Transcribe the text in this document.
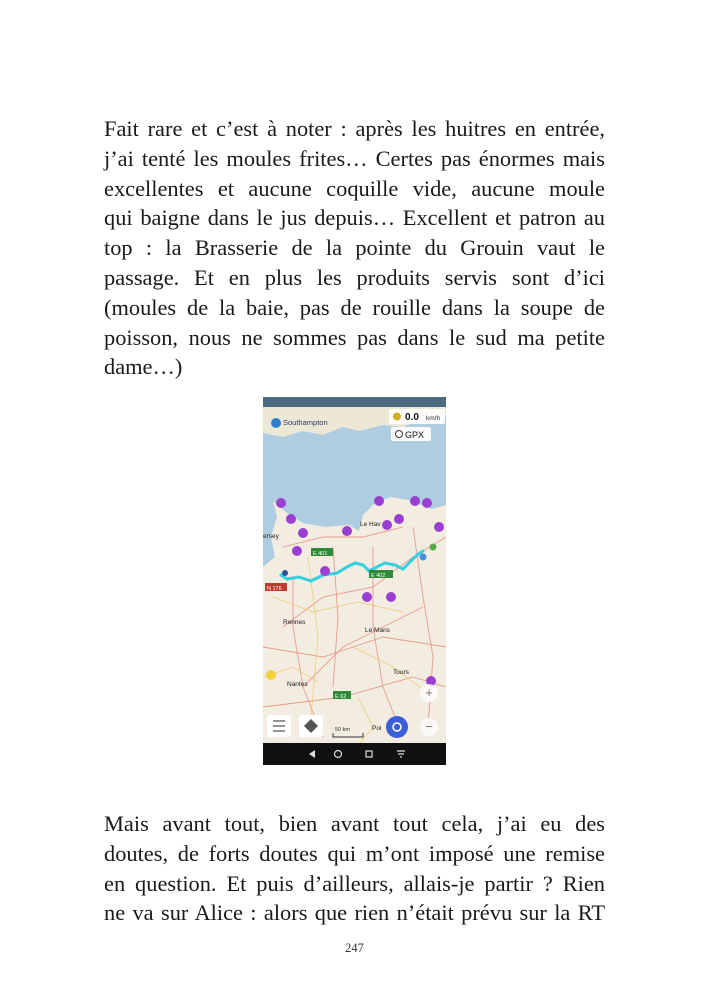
Fait rare et c’est à noter : après les huitres en entrée,
j’ai tenté les moules frites… Certes pas énormes mais
excellentes et aucune coquille vide, aucune moule
qui baigne dans le jus depuis… Excellent et patron au
top : la Brasserie de la pointe du Grouin vaut le
passage. Et en plus les produits servis sont d’ici
(moules de la baie, pas de rouille dans la soupe de
poisson, nous ne sommes pas dans le sud ma petite
dame…)

+
−
Southampton	0.0 km/h
GPX
Le Hav
ersey
E 401
E 402
N 176
Rennes
Le Mans
Tours
Nantes
E 62
Poi
50 km

Mais avant tout, bien avant tout cela, j’ai eu des
doutes, de forts doutes qui m’ont imposé une remise
en question. Et puis d’ailleurs, allais-je partir ? Rien
ne va sur Alice : alors que rien n’était prévu sur la RT

247
